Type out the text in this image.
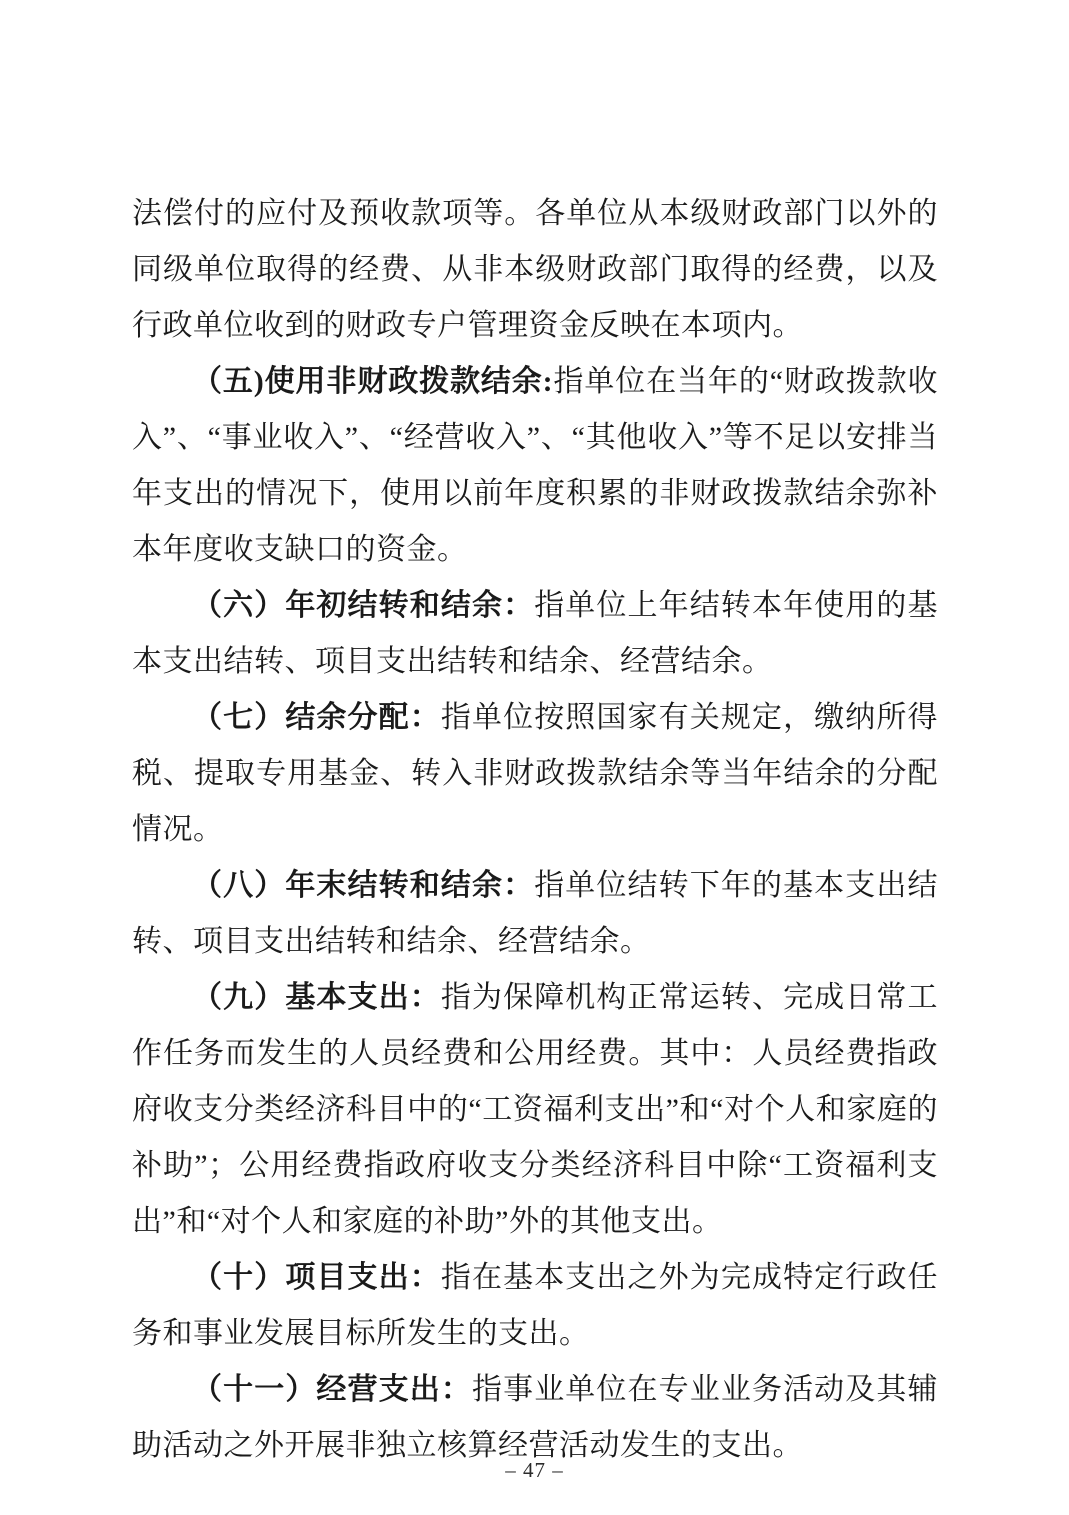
法偿付的应付及预收款项等。各单位从本级财政部门以外的同级单位取得的经费、从非本级财政部门取得的经费，以及行政单位收到的财政专户管理资金反映在本项内。

（五)使用非财政拨款结余:指单位在当年的“财政拨款收入”、“事业收入”、“经营收入”、“其他收入”等不足以安排当年支出的情况下，使用以前年度积累的非财政拨款结余弥补本年度收支缺口的资金。

（六）年初结转和结余：指单位上年结转本年使用的基本支出结转、项目支出结转和结余、经营结余。

（七）结余分配：指单位按照国家有关规定，缴纳所得税、提取专用基金、转入非财政拨款结余等当年结余的分配情况。

（八）年末结转和结余：指单位结转下年的基本支出结转、项目支出结转和结余、经营结余。

（九）基本支出：指为保障机构正常运转、完成日常工作任务而发生的人员经费和公用经费。其中：人员经费指政府收支分类经济科目中的“工资福利支出”和“对个人和家庭的补助”；公用经费指政府收支分类经济科目中除“工资福利支出”和“对个人和家庭的补助”外的其他支出。

（十）项目支出：指在基本支出之外为完成特定行政任务和事业发展目标所发生的支出。

（十一）经营支出：指事业单位在专业业务活动及其辅助活动之外开展非独立核算经营活动发生的支出。

– 47 –
